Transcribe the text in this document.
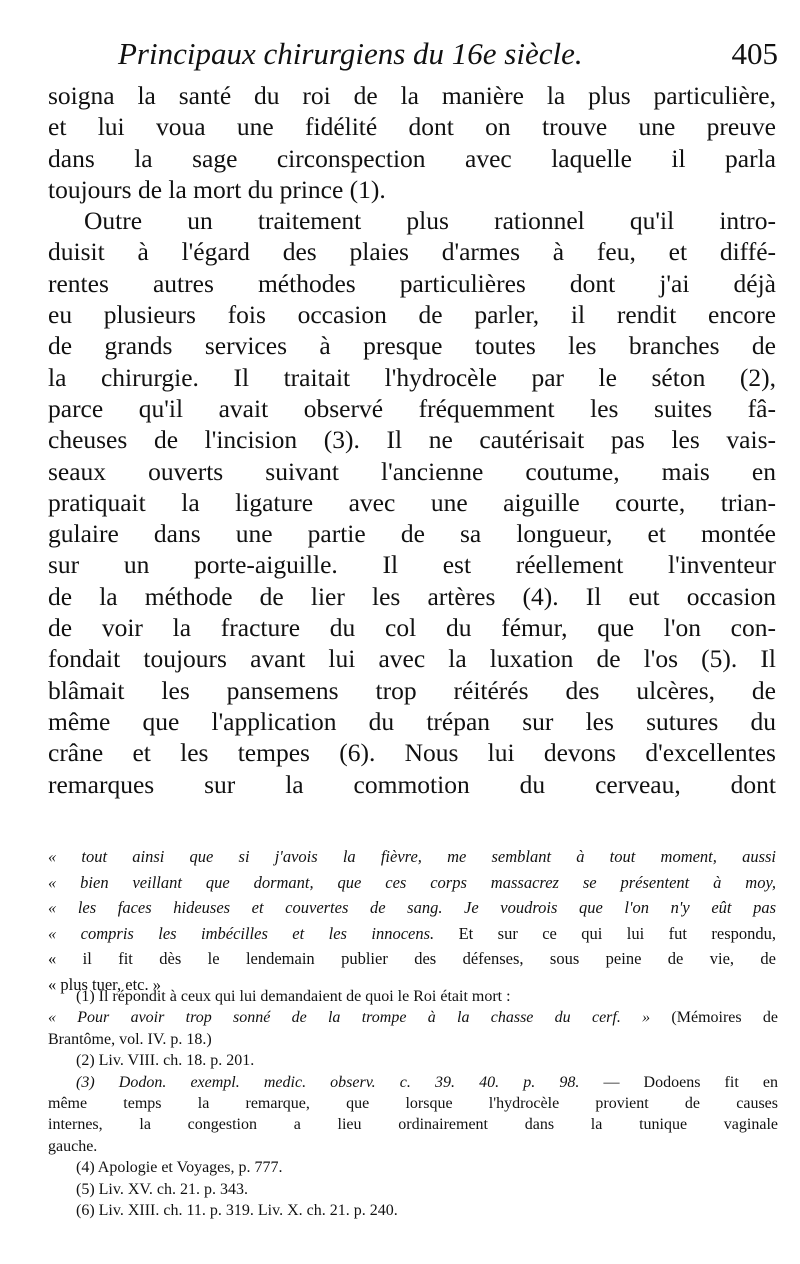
Principaux chirurgiens du 16e siècle.	405
soigna la santé du roi de la manière la plus particulière,
et lui voua une fidélité dont on trouve une preuve
dans la sage circonspection avec laquelle il parla
toujours de la mort du prince (1).
Outre un traitement plus rationnel qu'il intro-
duisit à l'égard des plaies d'armes à feu, et diffé-
rentes autres méthodes particulières dont j'ai déjà
eu plusieurs fois occasion de parler, il rendit encore
de grands services à presque toutes les branches de
la chirurgie. Il traitait l'hydrocèle par le séton (2),
parce qu'il avait observé fréquemment les suites fâ-
cheuses de l'incision (3). Il ne cautérisait pas les vais-
seaux ouverts suivant l'ancienne coutume, mais en
pratiquait la ligature avec une aiguille courte, trian-
gulaire dans une partie de sa longueur, et montée
sur un porte-aiguille. Il est réellement l'inventeur
de la méthode de lier les artères (4). Il eut occasion
de voir la fracture du col du fémur, que l'on con-
fondait toujours avant lui avec la luxation de l'os (5). Il
blâmait les pansemens trop réitérés des ulcères, de
même que l'application du trépan sur les sutures du
crâne et les tempes (6). Nous lui devons d'excellentes
remarques sur la commotion du cerveau, dont
« tout ainsi que si j'avois la fièvre, me semblant à tout moment, aussi
« bien veillant que dormant, que ces corps massacrez se présentent à moy,
« les faces hideuses et couvertes de sang. Je voudrois que l'on n'y eût pas
« compris les imbécilles et les innocens. Et sur ce qui lui fut respondu,
« il fit dès le lendemain publier des défenses, sous peine de vie, de
« plus tuer, etc. »
(1) Il répondit à ceux qui lui demandaient de quoi le Roi était mort :
« Pour avoir trop sonné de la trompe à la chasse du cerf. » (Mémoires de
Brantôme, vol. IV. p. 18.)
(2) Liv. VIII. ch. 18. p. 201.
(3) Dodon. exempl. medic. observ. c. 39. 40. p. 98. — Dodoens fit en
même temps la remarque, que lorsque l'hydrocèle provient de causes
internes, la congestion a lieu ordinairement dans la tunique vaginale
gauche.
(4) Apologie et Voyages, p. 777.
(5) Liv. XV. ch. 21. p. 343.
(6) Liv. XIII. ch. 11. p. 319. Liv. X. ch. 21. p. 240.
